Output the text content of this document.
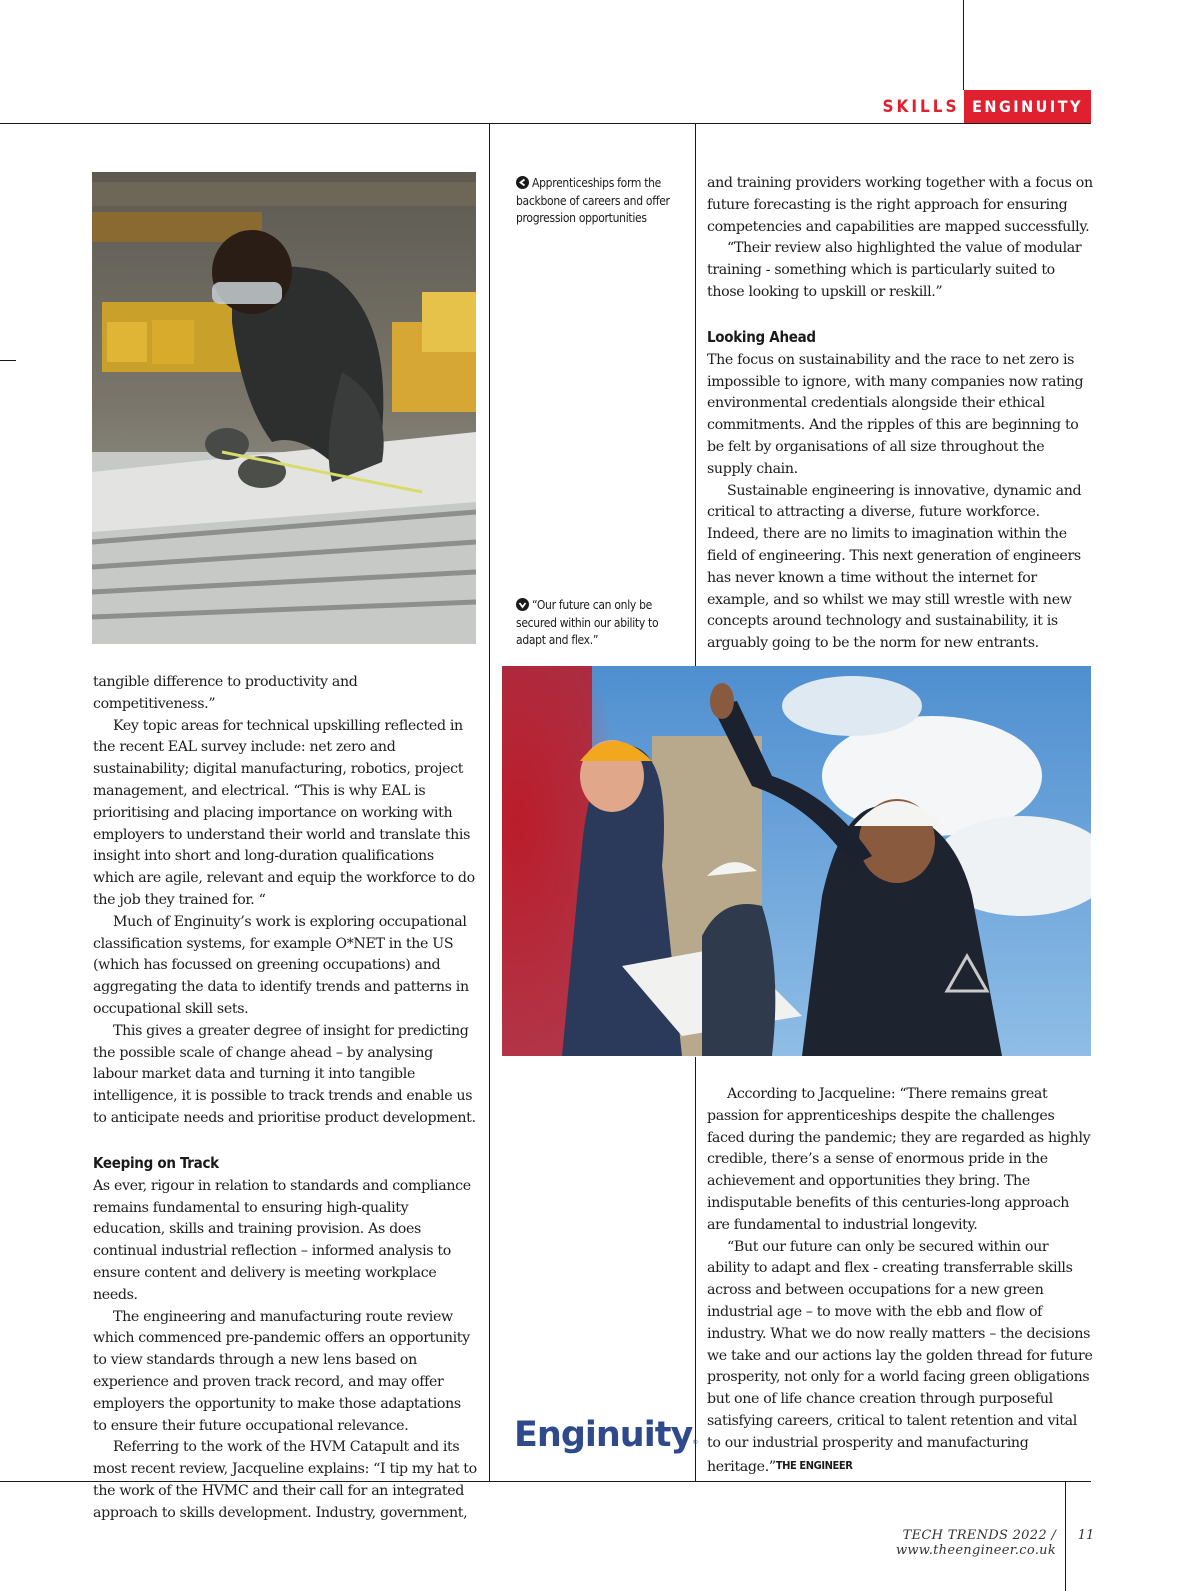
SKILLS ENGINUITY
Apprenticeships form the backbone of careers and offer progression opportunities
“Our future can only be secured within our ability to adapt and flex.”

and training providers working together with a focus on future forecasting is the right approach for ensuring competencies and capabilities are mapped successfully.

“Their review also highlighted the value of modular training - something which is particularly suited to those looking to upskill or reskill.”

Looking Ahead

The focus on sustainability and the race to net zero is impossible to ignore, with many companies now rating environmental credentials alongside their ethical commitments. And the ripples of this are beginning to be felt by organisations of all size throughout the supply chain.

Sustainable engineering is innovative, dynamic and critical to attracting a diverse, future workforce. Indeed, there are no limits to imagination within the field of engineering. This next generation of engineers has never known a time without the internet for example, and so whilst we may still wrestle with new concepts around technology and sustainability, it is arguably going to be the norm for new entrants.

tangible difference to productivity and competitiveness.”

Key topic areas for technical upskilling reflected in the recent EAL survey include: net zero and sustainability; digital manufacturing, robotics, project management, and electrical. “This is why EAL is prioritising and placing importance on working with employers to understand their world and translate this insight into short and long-duration qualifications which are agile, relevant and equip the workforce to do the job they trained for. “

Much of Enginuity’s work is exploring occupational classification systems, for example O*NET in the US (which has focussed on greening occupations) and aggregating the data to identify trends and patterns in occupational skill sets.

This gives a greater degree of insight for predicting the possible scale of change ahead – by analysing labour market data and turning it into tangible intelligence, it is possible to track trends and enable us to anticipate needs and prioritise product development.

Keeping on Track

As ever, rigour in relation to standards and compliance remains fundamental to ensuring high-quality education, skills and training provision. As does continual industrial reflection – informed analysis to ensure content and delivery is meeting workplace needs.

The engineering and manufacturing route review which commenced pre-pandemic offers an opportunity to view standards through a new lens based on experience and proven track record, and may offer employers the opportunity to make those adaptations to ensure their future occupational relevance.

Referring to the work of the HVM Catapult and its most recent review, Jacqueline explains: “I tip my hat to the work of the HVMC and their call for an integrated approach to skills development. Industry, government,

According to Jacqueline: “There remains great passion for apprenticeships despite the challenges faced during the pandemic; they are regarded as highly credible, there’s a sense of enormous pride in the achievement and opportunities they bring. The indisputable benefits of this centuries-long approach are fundamental to industrial longevity.

“But our future can only be secured within our ability to adapt and flex - creating transferrable skills across and between occupations for a new green industrial age – to move with the ebb and flow of industry. What we do now really matters – the decisions we take and our actions lay the golden thread for future prosperity, not only for a world facing green obligations but one of life chance creation through purposeful satisfying careers, critical to talent retention and vital to our industrial prosperity and manufacturing heritage.”THE ENGINEER

Enginuity®
TECH TRENDS 2022 / www.theengineer.co.uk
11
